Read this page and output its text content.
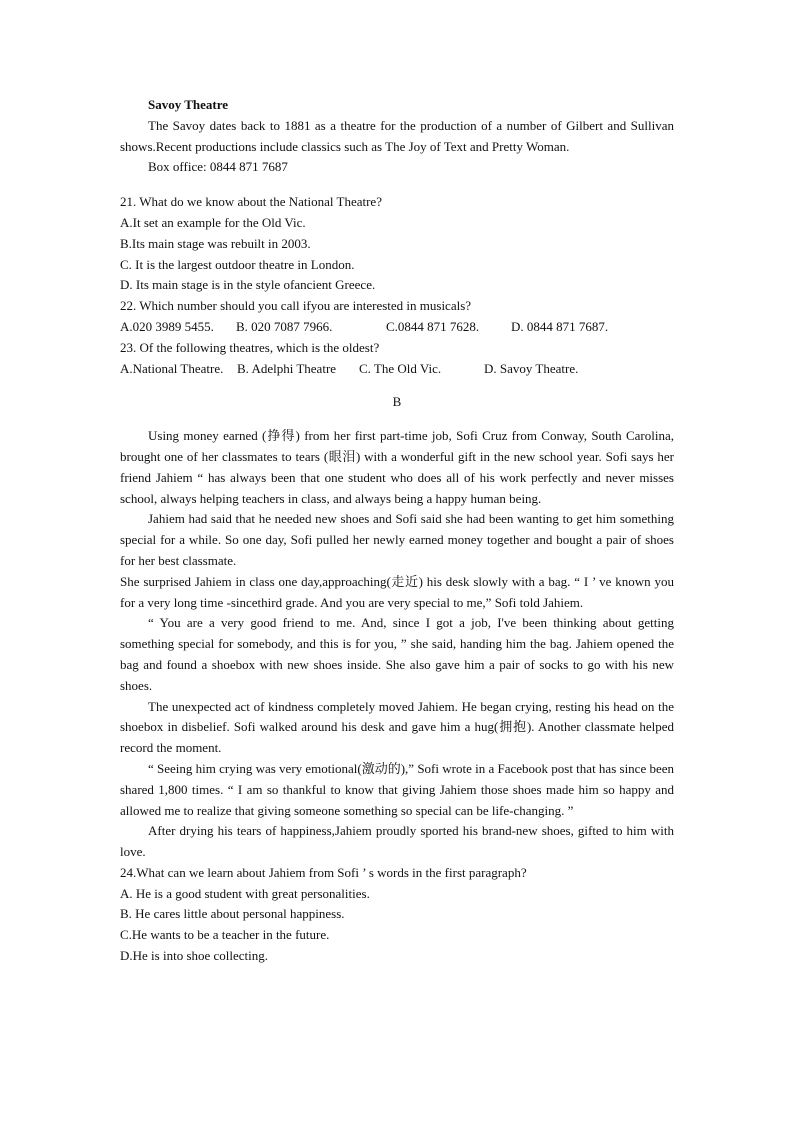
Savoy Theatre

The Savoy dates back to 1881 as a theatre for the production of a number of Gilbert and Sullivan shows.Recent productions include classics such as The Joy of Text and Pretty Woman.

Box office: 0844 871 7687

21. What do we know about the National Theatre?

A.It set an example for the Old Vic.

B.Its main stage was rebuilt in 2003.

C. It is the largest outdoor theatre in London.

D. Its main stage is in the style ofancient Greece.

22. Which number should you call ifyou are interested in musicals?

A.020 3989 5455.	B. 020 7087 7966.	C.0844 871 7628.	D. 0844 871 7687.

23. Of the following theatres, which is the oldest?

A.National Theatre.	B. Adelphi Theatre	C. The Old Vic.	D. Savoy Theatre.

B

Using money earned (挣得) from her first part-time job, Sofi Cruz from Conway, South Carolina, brought one of her classmates to tears (眼泪) with a wonderful gift in the new school year. Sofi says her friend Jahiem “ has always been that one student who does all of his work perfectly and never misses school, always helping teachers in class, and always being a happy human being.

Jahiem had said that he needed new shoes and Sofi said she had been wanting to get him something special for a while. So one day, Sofi pulled her newly earned money together and bought a pair of shoes for her best classmate.

She surprised Jahiem in class one day,approaching(走近) his desk slowly with a bag. “ I ’ ve known you for a very long time -sincethird grade. And you are very special to me,” Sofi told Jahiem.

“ You are a very good friend to me. And, since I got a job, I've been thinking about getting something special for somebody, and this is for you, ” she said, handing him the bag. Jahiem opened the bag and found a shoebox with new shoes inside. She also gave him a pair of socks to go with his new shoes.

The unexpected act of kindness completely moved Jahiem. He began crying, resting his head on the shoebox in disbelief. Sofi walked around his desk and gave him a hug(拥抱). Another classmate helped record the moment.

“ Seeing him crying was very emotional(激动的),” Sofi wrote in a Facebook post that has since been shared 1,800 times. “ I am so thankful to know that giving Jahiem those shoes made him so happy and allowed me to realize that giving someone something so special can be life-changing. ”

After drying his tears of happiness,Jahiem proudly sported his brand-new shoes, gifted to him with love.

24.What can we learn about Jahiem from Sofi ’ s words in the first paragraph?

A. He is a good student with great personalities.

B. He cares little about personal happiness.

C.He wants to be a teacher in the future.

D.He is into shoe collecting.
